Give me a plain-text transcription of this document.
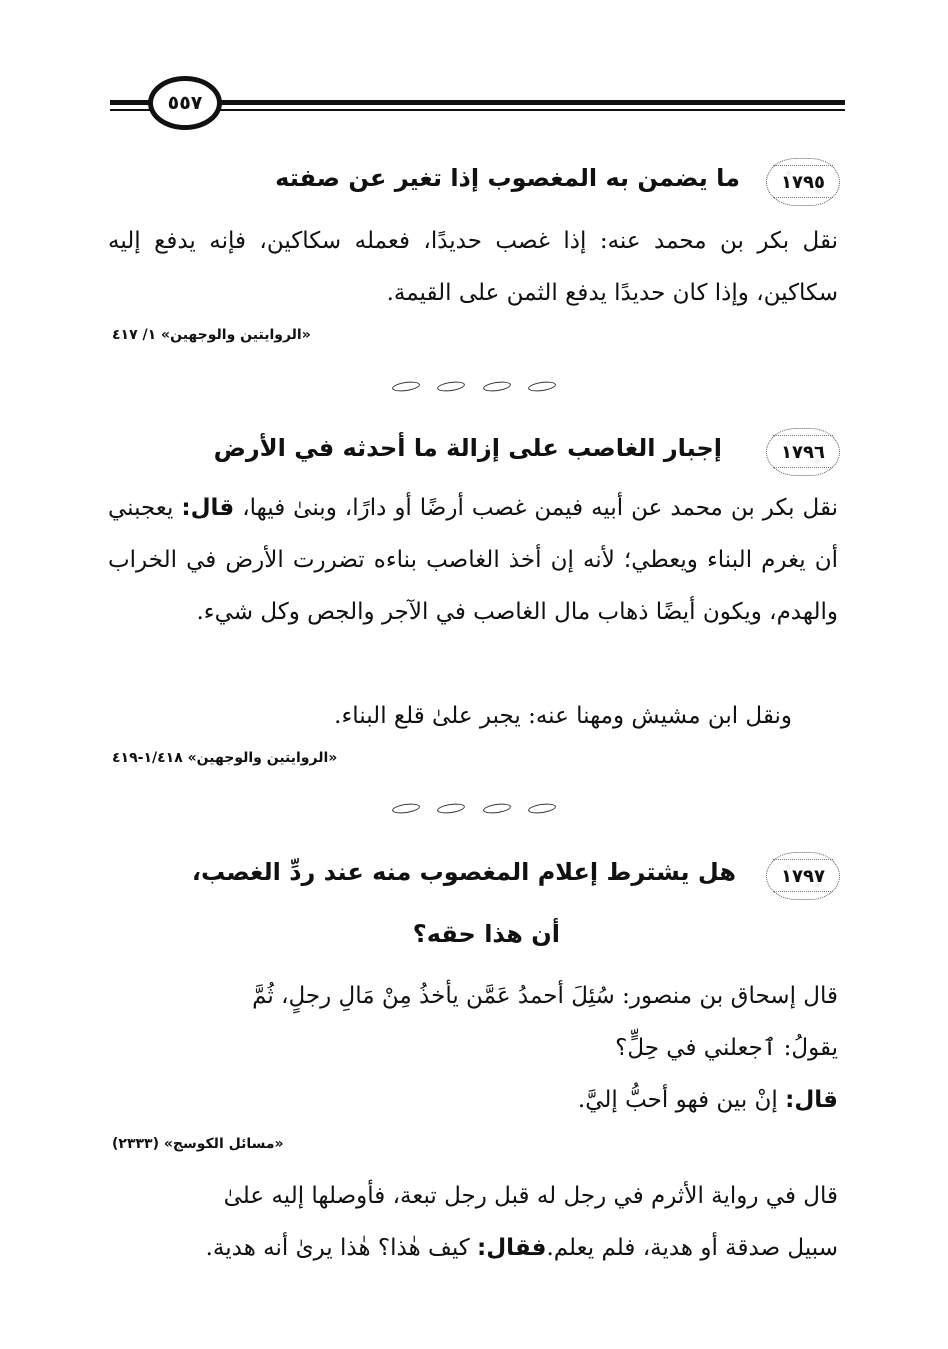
٥٥٧
١٧٩٥
ما يضمن به المغصوب إذا تغير عن صفته
نقل بكر بن محمد عنه: إذا غصب حديدًا، فعمله سكاكين، فإنه يدفع إليه سكاكين، وإذا كان حديدًا يدفع الثمن على القيمة.
«الروايتين والوجهين» ١/ ٤١٧
١٧٩٦
إجبار الغاصب على إزالة ما أحدثه في الأرض
نقل بكر بن محمد عن أبيه فيمن غصب أرضًا أو دارًا، وبنىٰ فيها، قال: يعجبني أن يغرم البناء ويعطي؛ لأنه إن أخذ الغاصب بناءه تضررت الأرض في الخراب والهدم، ويكون أيضًا ذهاب مال الغاصب في الآجر والجص وكل شيء.
ونقل ابن مشيش ومهنا عنه: يجبر علىٰ قلع البناء.
«الروايتين والوجهين» ١/٤١٨-٤١٩
١٧٩٧
هل يشترط إعلام المغصوب منه عند ردِّ الغصب،
أن هذا حقه؟
قال إسحاق بن منصور: سُئِلَ أحمدُ عَمَّن يأخذُ مِنْ مَالِ رجلٍ، ثُمَّ
يقولُ: ٱجعلني في حِلٍّ؟
قال: إنْ بين فهو أحبُّ إليَّ.
«مسائل الكوسج» (٢٣٣٣)
قال في رواية الأثرم في رجل له قبل رجل تبعة، فأوصلها إليه علىٰ
سبيل صدقة أو هدية، فلم يعلم.فقال: كيف هٰذا؟ هٰذا يرىٰ أنه هدية.
